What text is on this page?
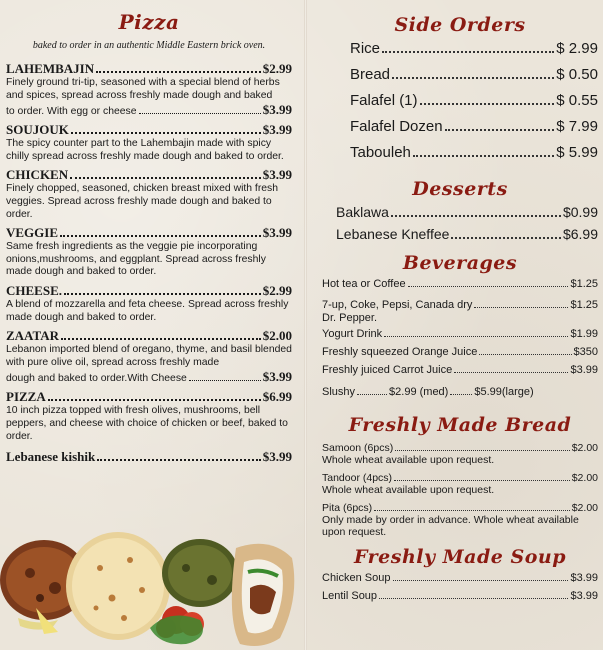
Pizza
baked to order in an authentic Middle Eastern brick oven.
LAHEMBAJIN	$2.99
Finely ground tri-tip, seasoned with a special blend of herbs and spices, spread across freshly made dough and baked
to order. With egg or cheese	$3.99
SOUJOUK	$3.99
The spicy counter part to the Lahembajin made with spicy chilly spread across freshly made dough and baked to order.
CHICKEN	$3.99
Finely chopped, seasoned, chicken breast mixed with fresh veggies. Spread across freshly made dough and baked to order.
VEGGIE	$3.99
Same fresh ingredients as the veggie pie incorporating onions,mushrooms, and eggplant. Spread across freshly made dough and baked to order.
CHEESE.	$2.99
A blend of mozzarella and feta cheese. Spread across freshly made dough and baked to order.
ZAATAR	$2.00
Lebanon imported blend of oregano, thyme, and basil blended with pure olive oil, spread across freshly made
dough and baked to order.With Cheese	$3.99
PIZZA	$6.99
10 inch pizza topped with fresh olives, mushrooms, bell peppers, and cheese with choice of chicken or beef, baked to order.
Lebanese kishik	$3.99
Side Orders
Rice	$ 2.99
Bread	$ 0.50
Falafel (1)	$ 0.55
Falafel Dozen	$ 7.99
Tabouleh	$ 5.99
Desserts
Baklawa	$0.99
Lebanese Kneffee	$6.99
Beverages
Hot tea or Coffee	$1.25
7-up, Coke, Pepsi, Canada dry	$1.25
Dr. Pepper.
Yogurt Drink	$1.99
Freshly squeezed Orange Juice	$350
Freshly juiced Carrot Juice	$3.99
Slushy	$2.99 (med) $5.99(large)
Freshly Made Bread
Samoon (6pcs)	$2.00
Whole wheat available upon request.
Tandoor (4pcs)	$2.00
Whole wheat available upon request.
Pita (6pcs)	$2.00
Only made by order in advance. Whole wheat available upon request.
Freshly Made Soup
Chicken Soup	$3.99
Lentil Soup	$3.99
